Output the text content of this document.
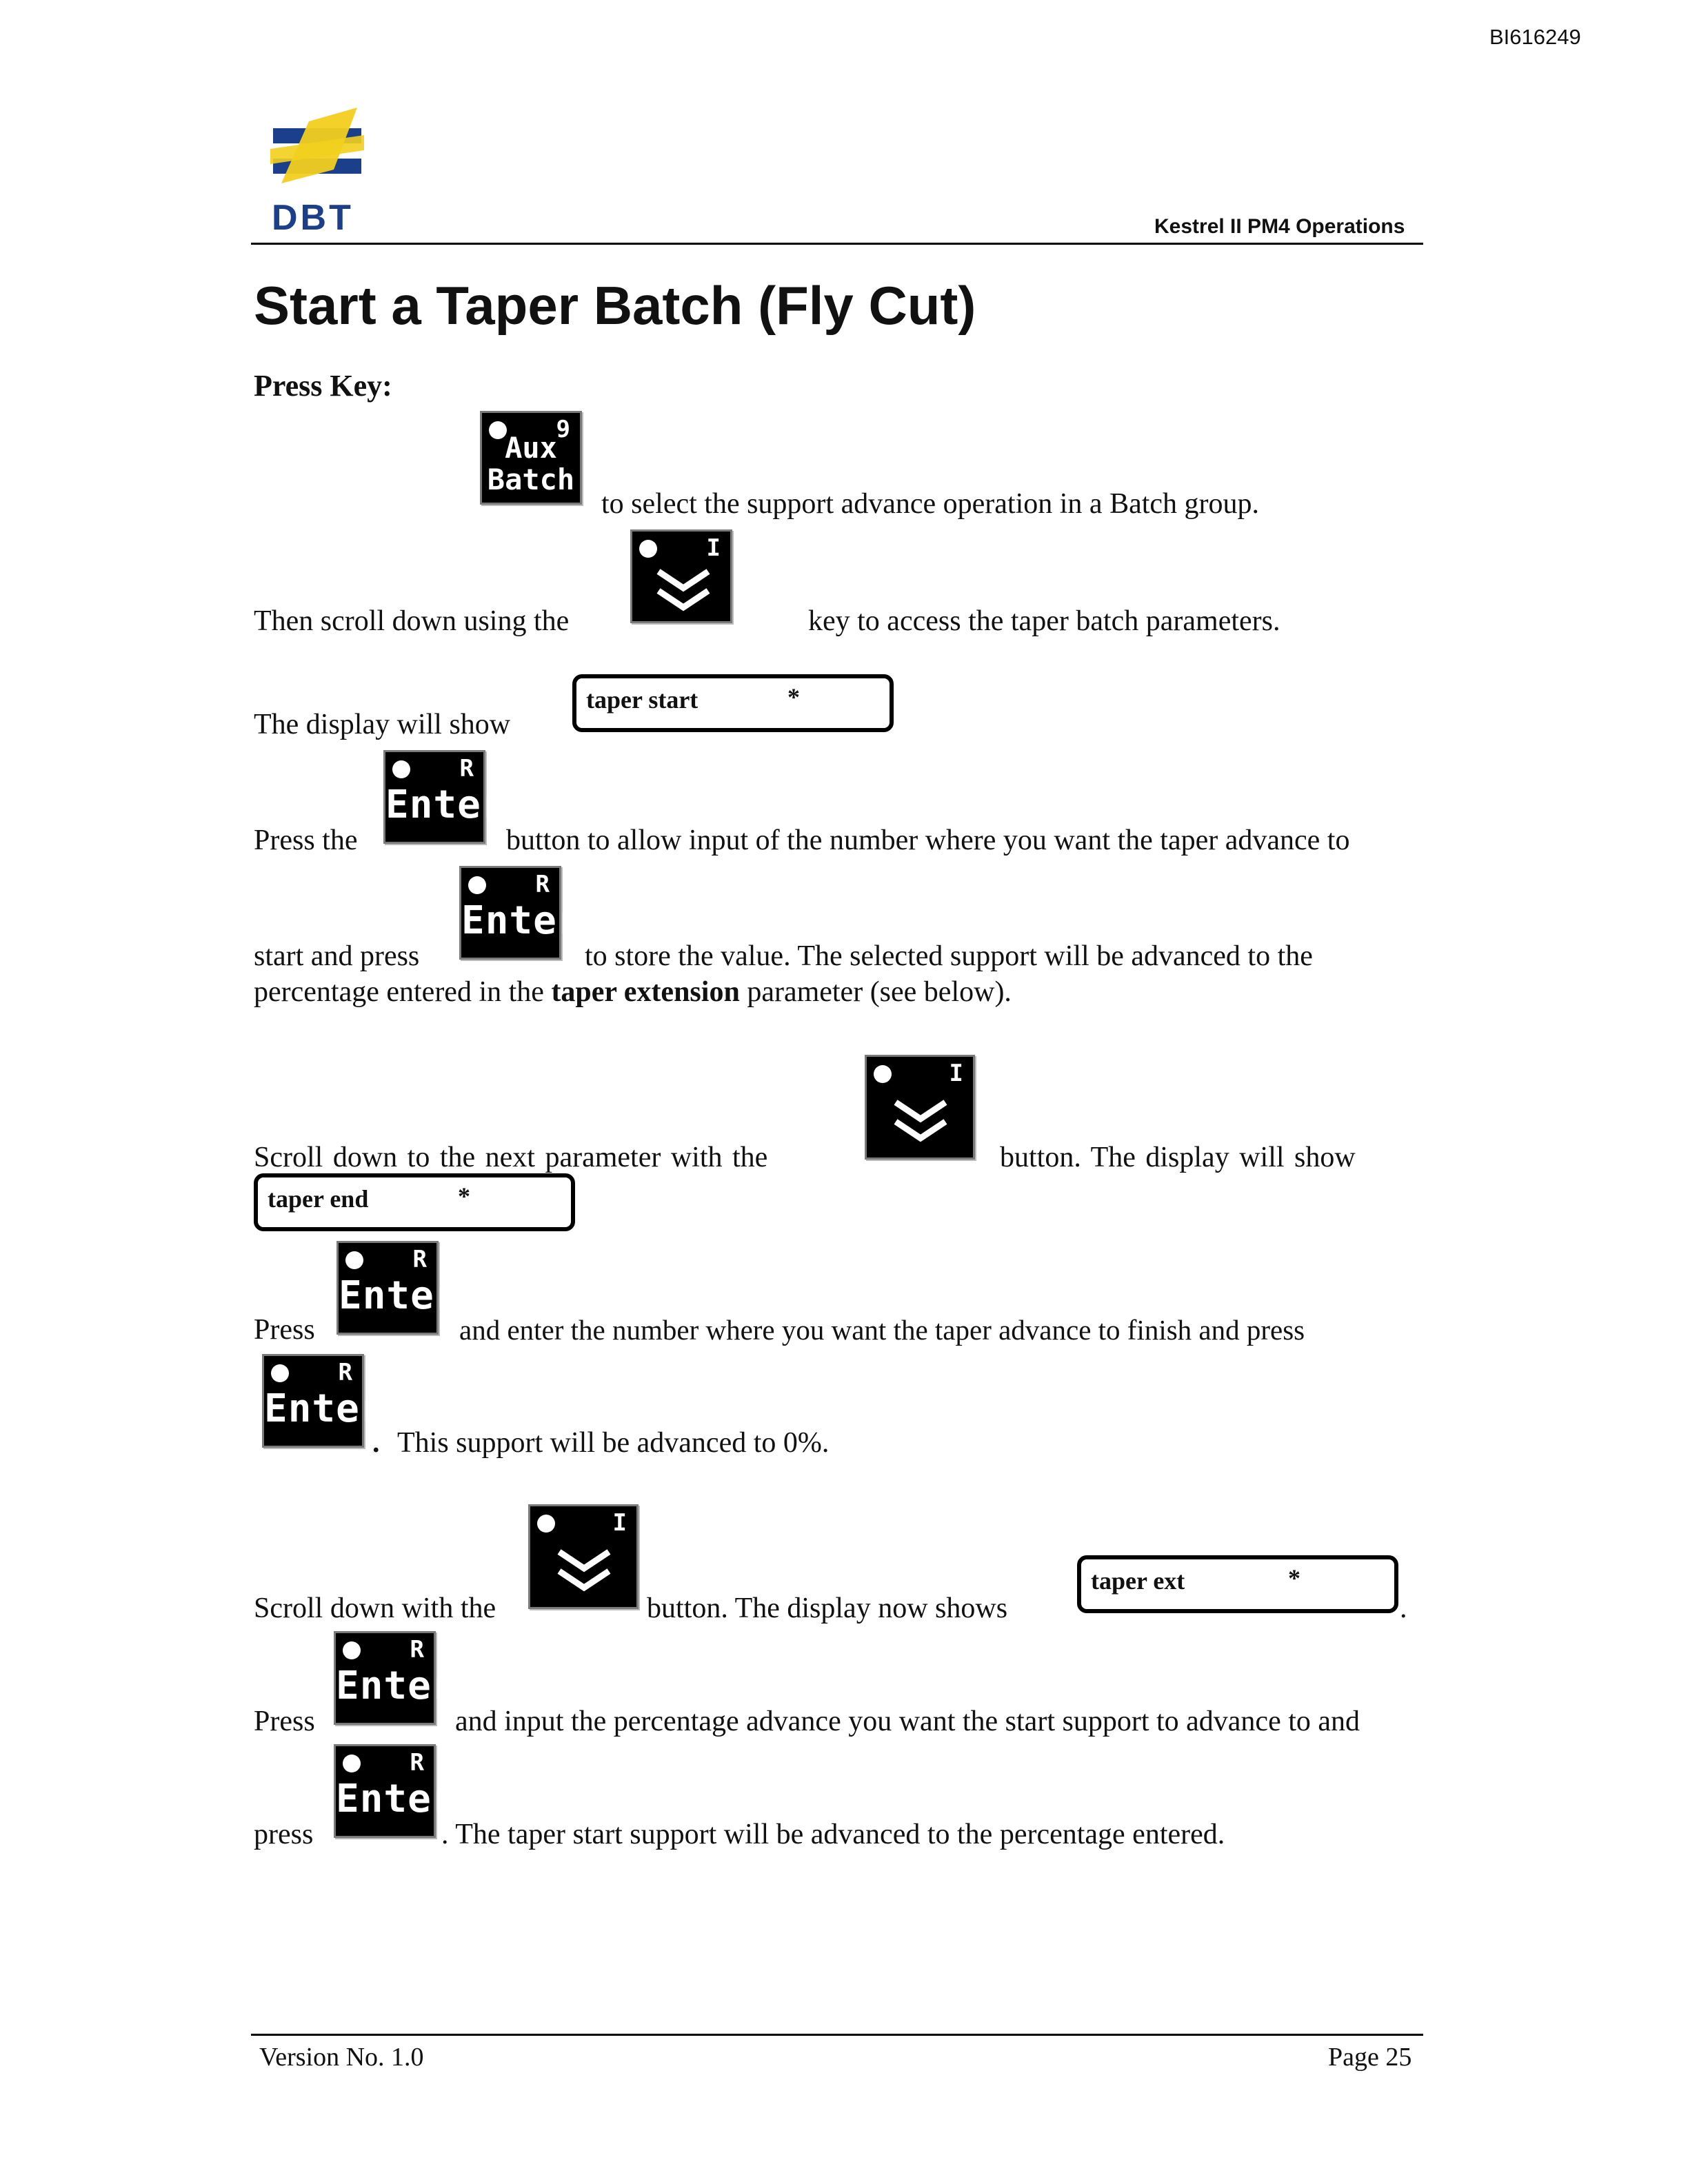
BI616249
DBT	Kestrel II PM4 Operations
Start a Taper Batch (Fly Cut)
Press Key:
9
Aux
Batch
to select the support advance operation in a Batch group.
Then scroll down using the
I
key to access the taper batch parameters.
The display will show
taper start	*
Press the
R
Enter
button to allow input of the number where you want the taper advance to
start and press
R
Enter
to store the value. The selected support will be advanced to the
percentage entered in the taper extension parameter (see below).
Scroll down to the next parameter with the
I
button. The display will show
taper end	*
Press
R
Enter
and enter the number where you want the taper advance to finish and press
R
Enter
. This support will be advanced to 0%.
Scroll down with the
I
button. The display now shows
taper ext	*
.
Press
R
Enter
and input the percentage advance you want the start support to advance to and
press
R
Enter
. The taper start support will be advanced to the percentage entered.
Version No. 1.0	Page 25
